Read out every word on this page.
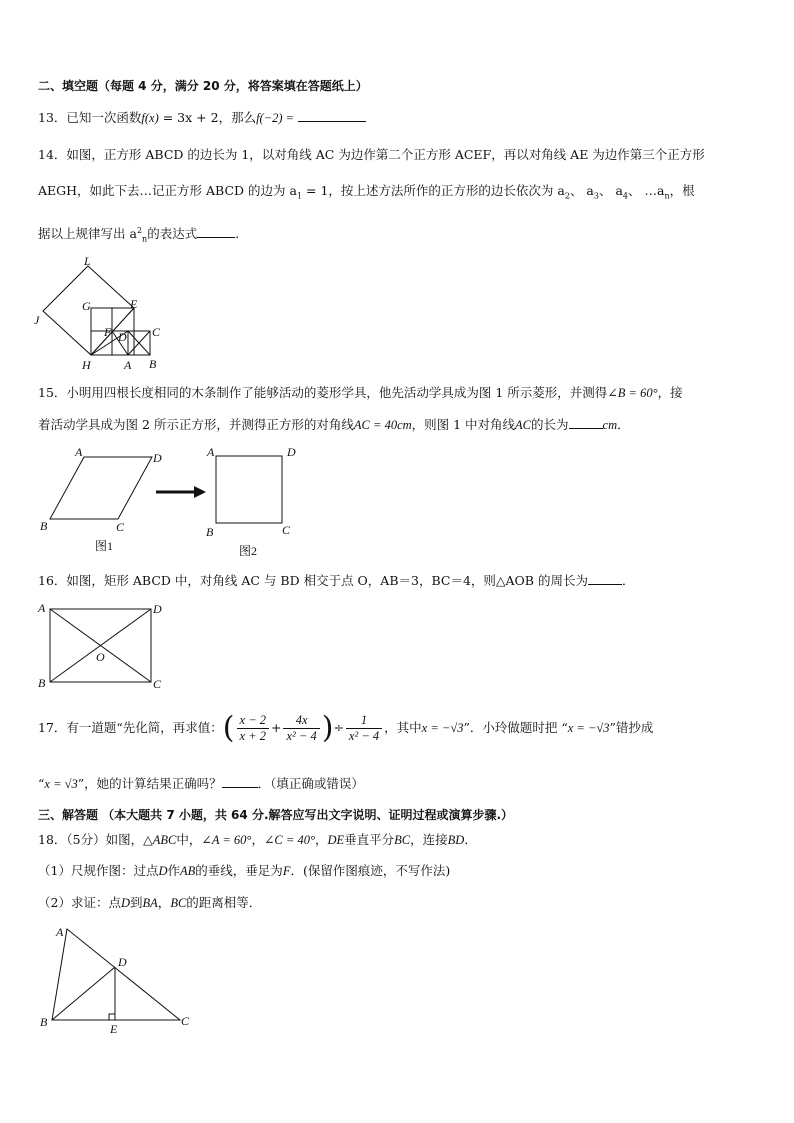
二、填空题（每题 4 分，满分 20 分，将答案填在答题纸上）
13．已知一次函数f(x) = 3x + 2，那么f(−2) =
14．如图，正方形 ABCD 的边长为 1，以对角线 AC 为边作第二个正方形 ACEF，再以对角线 AE 为边作第三个正方形
AEGH，如此下去…记正方形 ABCD 的边为 $a_1 = 1$，按上述方法所作的正方形的边长依次为 $a_2$、 $a_3$、 $a_4$、 $\dots a_n$，根
据以上规律写出 $a^2_n$的表达式	．
L
G	E
J
F D C
H	A B
15．小明用四根长度相同的木条制作了能够活动的菱形学具，他先活动学具成为图 1 所示菱形，并测得∠B = 60°，接
着活动学具成为图 2 所示正方形，并测得正方形的对角线AC = 40cm，则图 1 中对角线AC的长为	cm．
A	D
B	C
A	D
B	C
图1	图2
16．如图，矩形 ABCD 中，对角线 AC 与 BD 相交于点 O，AB＝3，BC＝4，则△AOB 的周长为	．
A	D
O
B	C
17．有一道题“先化简，再求值：( $\frac{x - 2}{x + 2} + \frac{4x}{\text{x² − 4}}$ )÷ $\frac{1}{\text{x² − 4}}$ ，其中x = −√3”．小玲做题时把 “x = −√3”错抄成
“x = √3”，她的计算结果正确吗？	．（填正确或错误）
三、解答题 （本大题共 7 小题，共 64 分.解答应写出文字说明、证明过程或演算步骤.）
18．（5分）如图，△ABC中，∠A = 60°，∠C = 40°，DE垂直平分BC，连接BD．
（1）尺规作图：过点D作AB的垂线，垂足为F．(保留作图痕迹，不写作法)
（2）求证：点D到BA，BC的距离相等．
A
D
B	E
C
